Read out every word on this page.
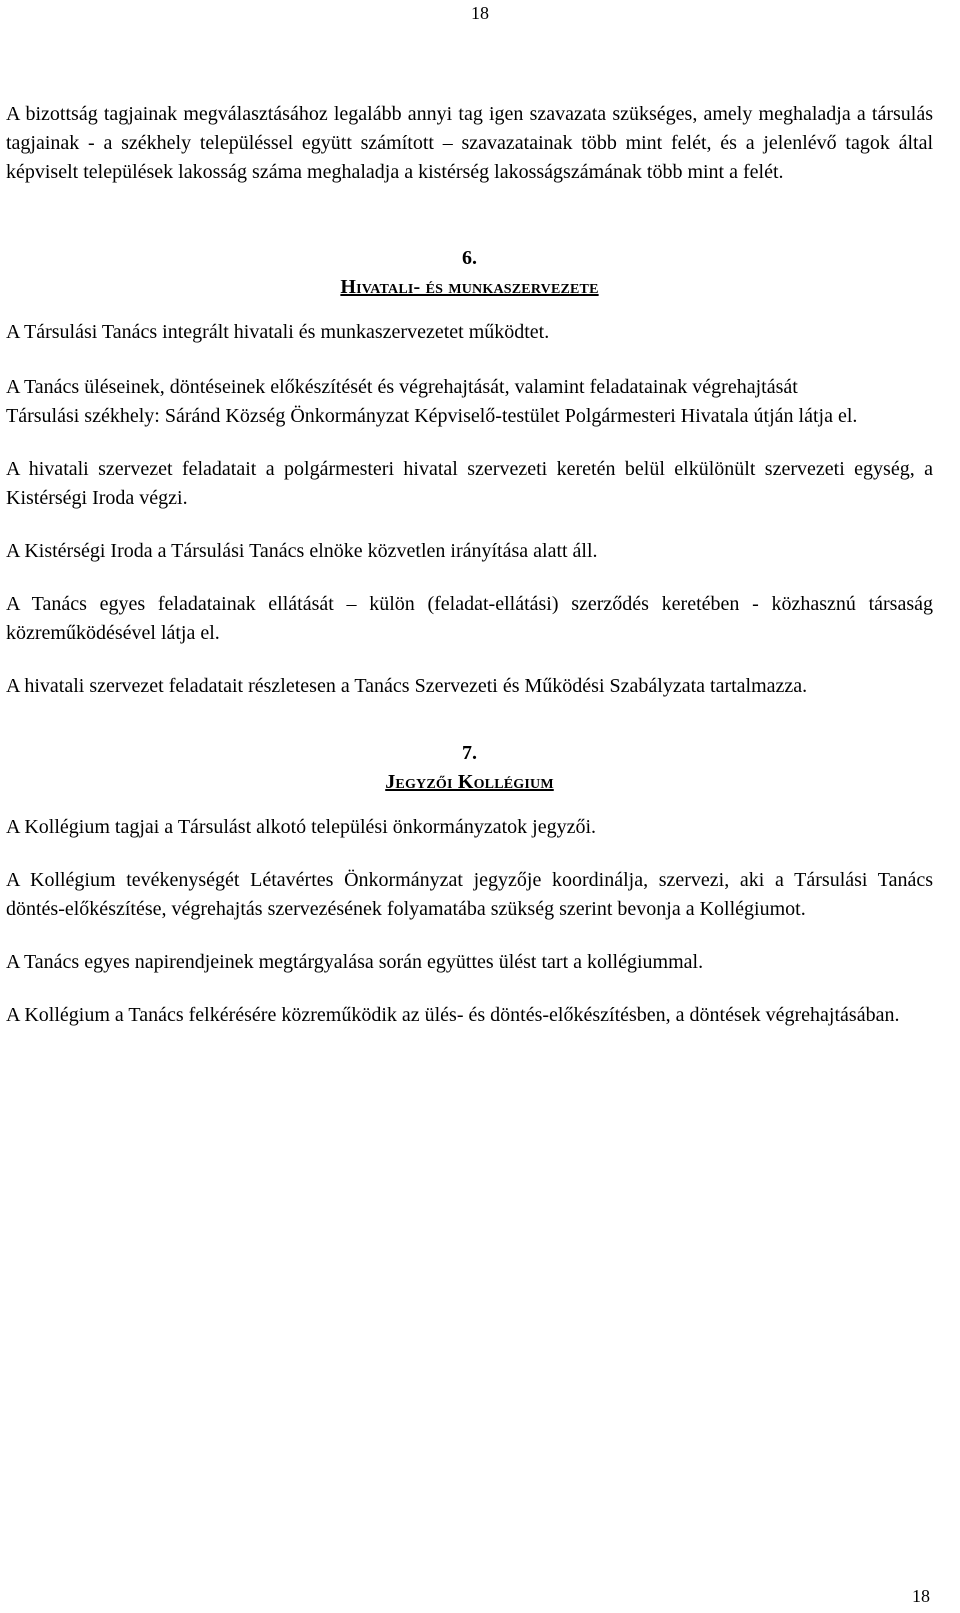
18

A bizottság tagjainak megválasztásához legalább annyi tag igen szavazata szükséges, amely meghaladja a társulás tagjainak - a székhely településsel együtt számított – szavazatainak több mint felét, és a jelenlévő tagok által képviselt települések lakosság száma meghaladja a kistérség lakosságszámának több mint a felét.

6.

Hivatali- és munkaszervezete

A Társulási Tanács integrált hivatali és munkaszervezetet működtet.

A Tanács üléseinek, döntéseinek előkészítését és végrehajtását, valamint feladatainak végrehajtását

Társulási székhely: Sáránd Község Önkormányzat Képviselő-testület Polgármesteri Hivatala útján látja el.

A hivatali szervezet feladatait a polgármesteri hivatal szervezeti keretén belül elkülönült szervezeti egység, a Kistérségi Iroda végzi.

A Kistérségi Iroda a Társulási Tanács elnöke közvetlen irányítása alatt áll.

A Tanács egyes feladatainak ellátását – külön (feladat-ellátási) szerződés keretében - közhasznú társaság közreműködésével látja el.

A hivatali szervezet feladatait részletesen a Tanács Szervezeti és Működési Szabályzata tartalmazza.

7.

Jegyzői Kollégium

A Kollégium tagjai a Társulást alkotó települési önkormányzatok jegyzői.

A Kollégium tevékenységét Létavértes Önkormányzat jegyzője koordinálja, szervezi, aki a Társulási Tanács döntés-előkészítése, végrehajtás szervezésének folyamatába szükség szerint bevonja a Kollégiumot.

A Tanács egyes napirendjeinek megtárgyalása során együttes ülést tart a kollégiummal.

A Kollégium a Tanács felkérésére közreműködik az ülés- és döntés-előkészítésben, a döntések végrehajtásában.

18
